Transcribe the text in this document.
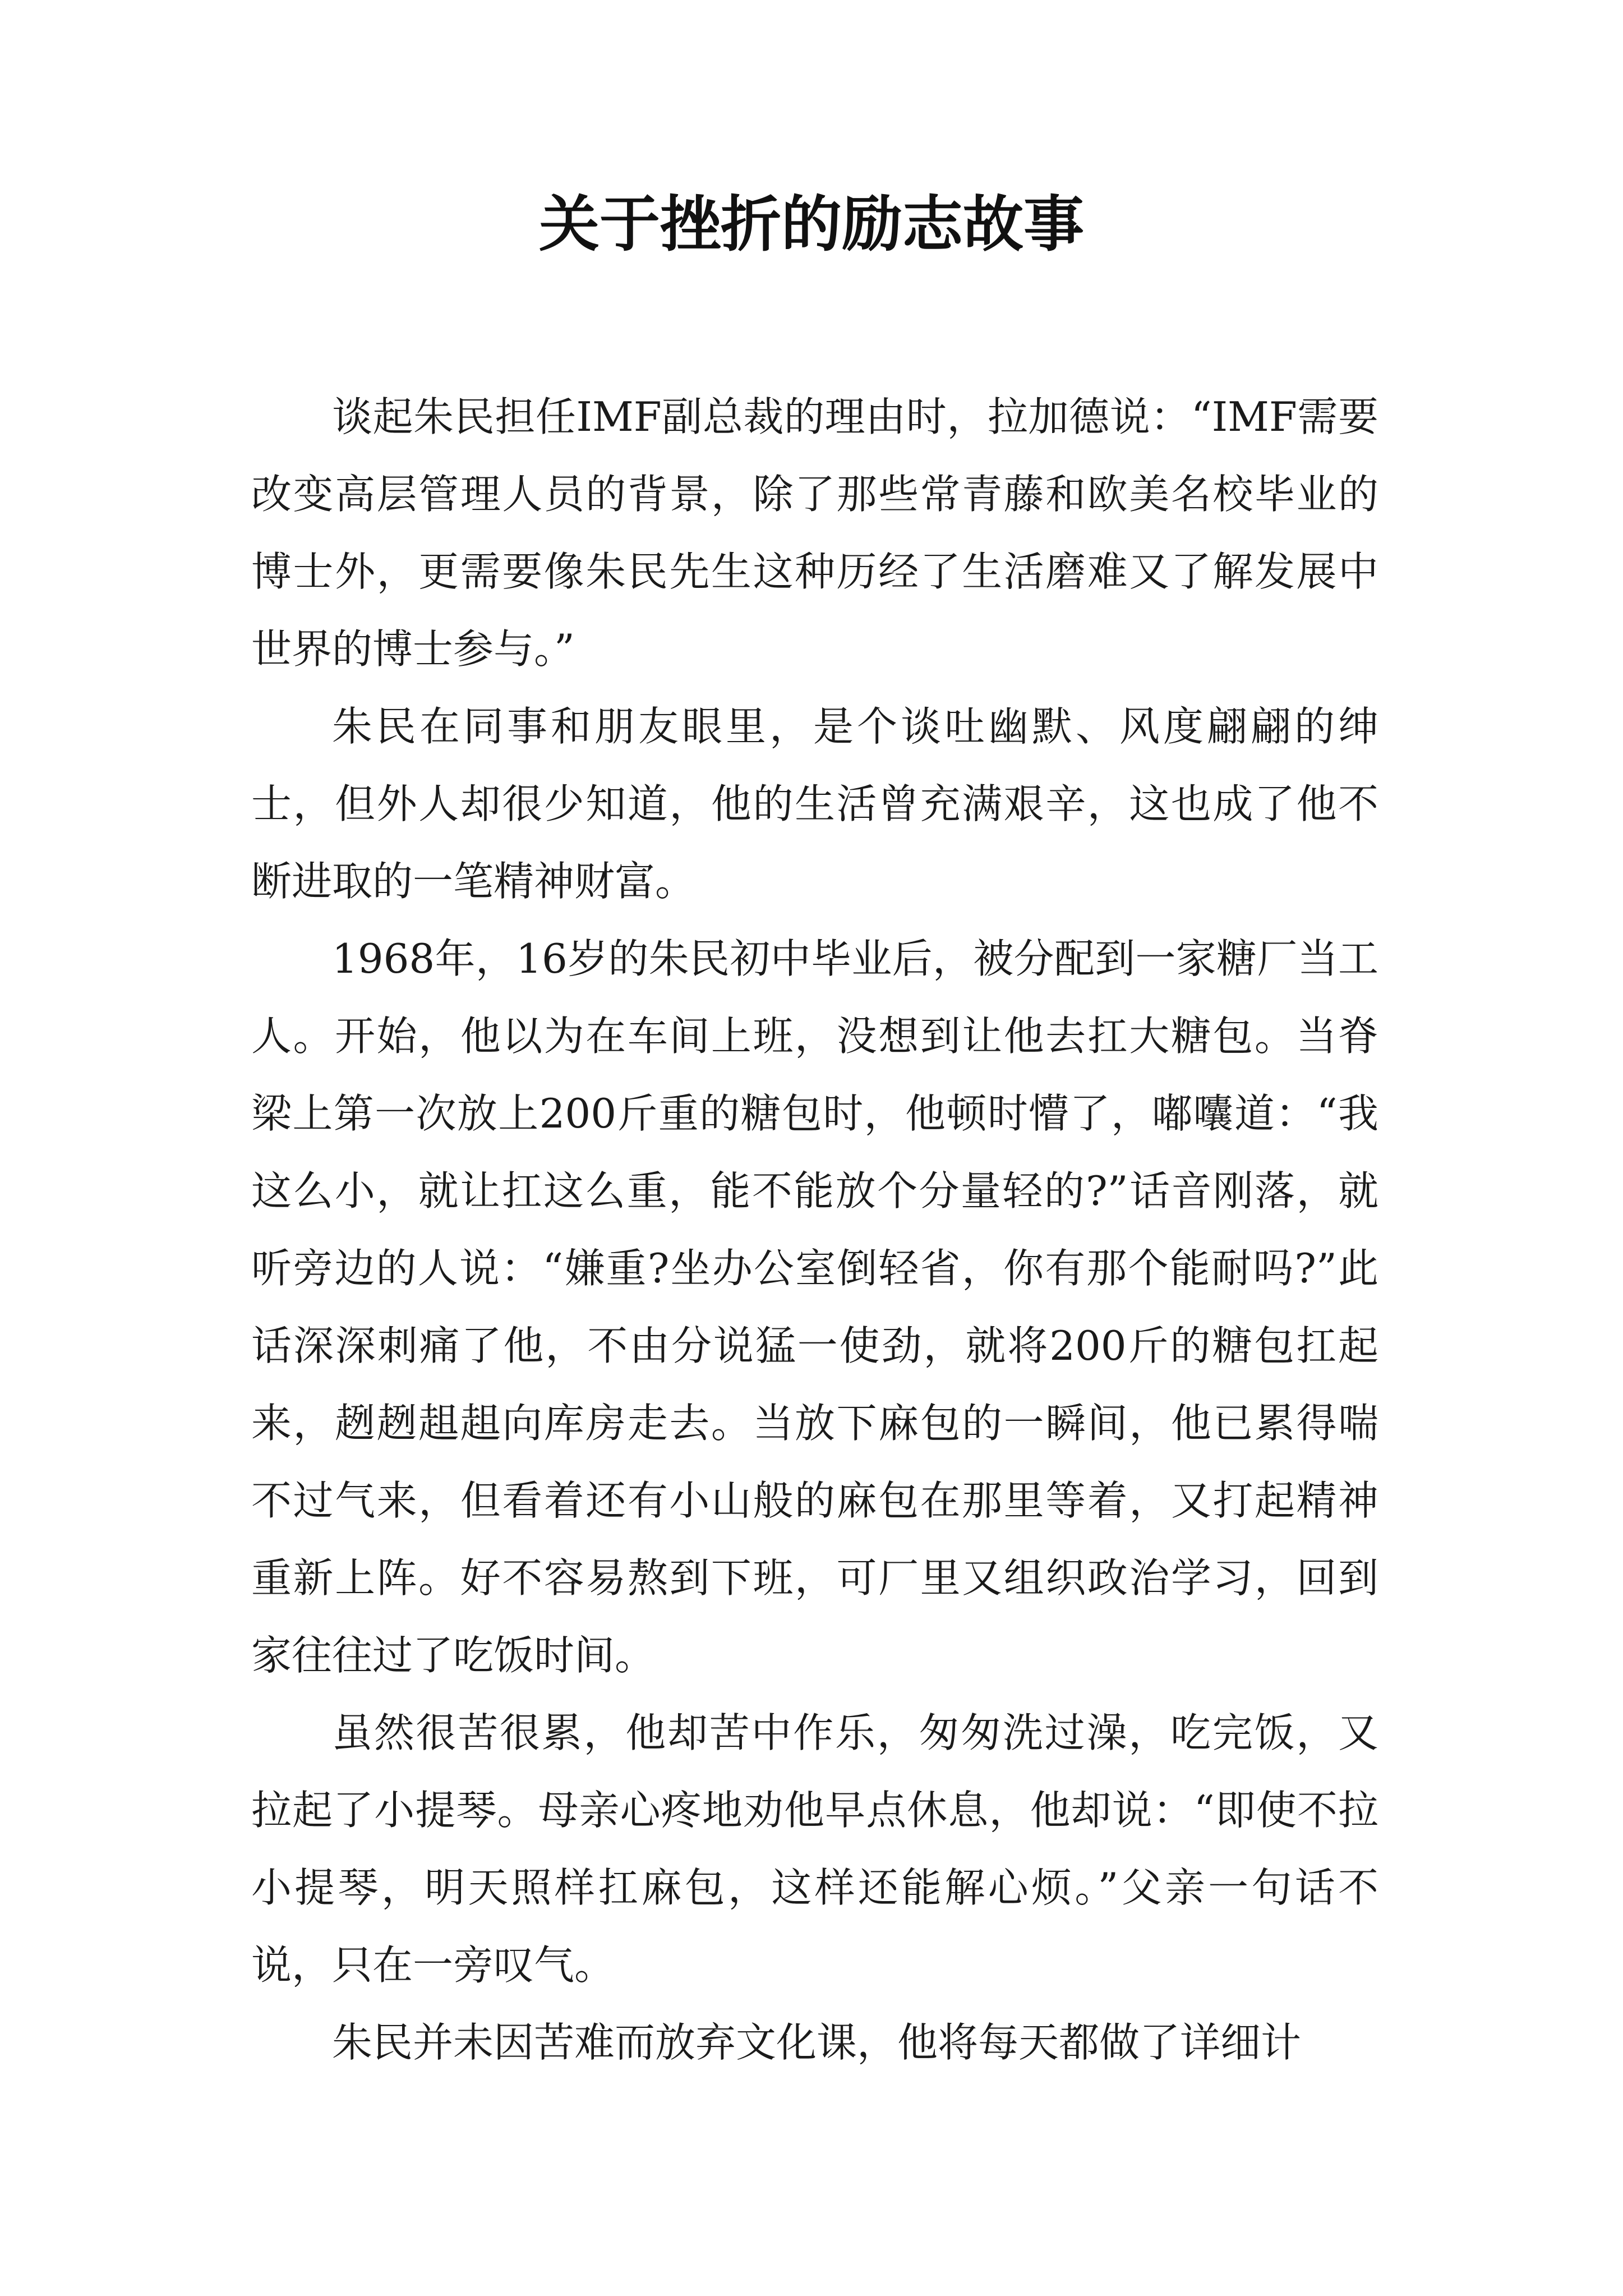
关于挫折的励志故事

谈起朱民担任IMF副总裁的理由时，拉加德说：“IMF需要改变高层管理人员的背景，除了那些常青藤和欧美名校毕业的博士外，更需要像朱民先生这种历经了生活磨难又了解发展中世界的博士参与。”

朱民在同事和朋友眼里，是个谈吐幽默、风度翩翩的绅士，但外人却很少知道，他的生活曾充满艰辛，这也成了他不断进取的一笔精神财富。

1968年，16岁的朱民初中毕业后，被分配到一家糖厂当工人。开始，他以为在车间上班，没想到让他去扛大糖包。当脊梁上第一次放上200斤重的糖包时，他顿时懵了，嘟囔道：“我这么小，就让扛这么重，能不能放个分量轻的?”话音刚落，就听旁边的人说：“嫌重?坐办公室倒轻省，你有那个能耐吗?”此话深深刺痛了他，不由分说猛一使劲，就将200斤的糖包扛起来，趔趔趄趄向库房走去。当放下麻包的一瞬间，他已累得喘不过气来，但看着还有小山般的麻包在那里等着，又打起精神重新上阵。好不容易熬到下班，可厂里又组织政治学习，回到家往往过了吃饭时间。

虽然很苦很累，他却苦中作乐，匆匆洗过澡，吃完饭，又拉起了小提琴。母亲心疼地劝他早点休息，他却说：“即使不拉小提琴，明天照样扛麻包，这样还能解心烦。”父亲一句话不说，只在一旁叹气。

朱民并未因苦难而放弃文化课，他将每天都做了详细计
